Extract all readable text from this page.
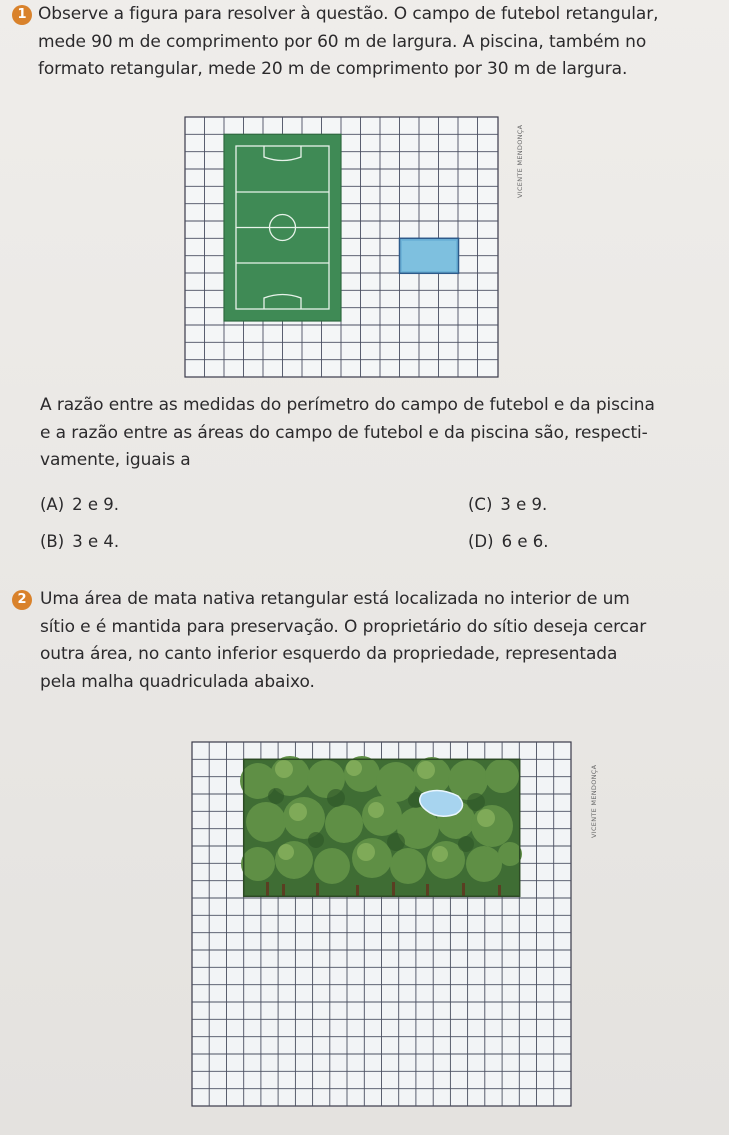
1 Observe a figura para resolver à questão. O campo de futebol retangular,
mede 90 m de comprimento por 60 m de largura. A piscina, também no
formato retangular, mede 20 m de comprimento por 30 m de largura.
VICENTE MENDONÇA
A razão entre as medidas do perímetro do campo de futebol e da piscina
e a razão entre as áreas do campo de futebol e da piscina são, respecti-
vamente, iguais a
(A) 2 e 9.
(B) 3 e 4.
(C) 3 e 9.
(D) 6 e 6.
2 Uma área de mata nativa retangular está localizada no interior de um
sítio e é mantida para preservação. O proprietário do sítio deseja cercar
outra área, no canto inferior esquerdo da propriedade, representada
pela malha quadriculada abaixo.
VICENTE MENDONÇA
